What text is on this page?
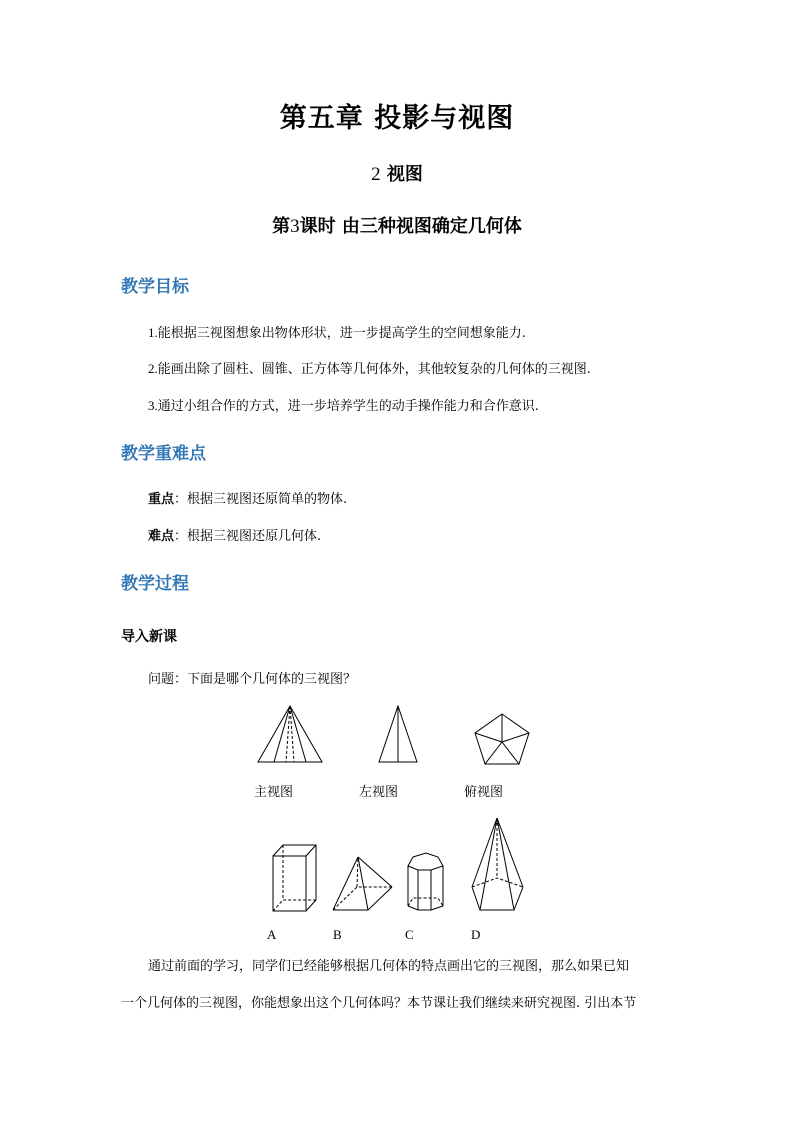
第五章 投影与视图
2 视图
第3课时 由三种视图确定几何体
教学目标
1.能根据三视图想象出物体形状，进一步提高学生的空间想象能力.
2.能画出除了圆柱、圆锥、正方体等几何体外，其他较复杂的几何体的三视图.
3.通过小组合作的方式，进一步培养学生的动手操作能力和合作意识.
教学重难点
重点：根据三视图还原简单的物体.
难点：根据三视图还原几何体.
教学过程
导入新课
问题：下面是哪个几何体的三视图？
主视图	左视图	俯视图
A	B	C	D
通过前面的学习，同学们已经能够根据几何体的特点画出它的三视图，那么如果已知
一个几何体的三视图，你能想象出这个几何体吗？本节课让我们继续来研究视图. 引出本节
